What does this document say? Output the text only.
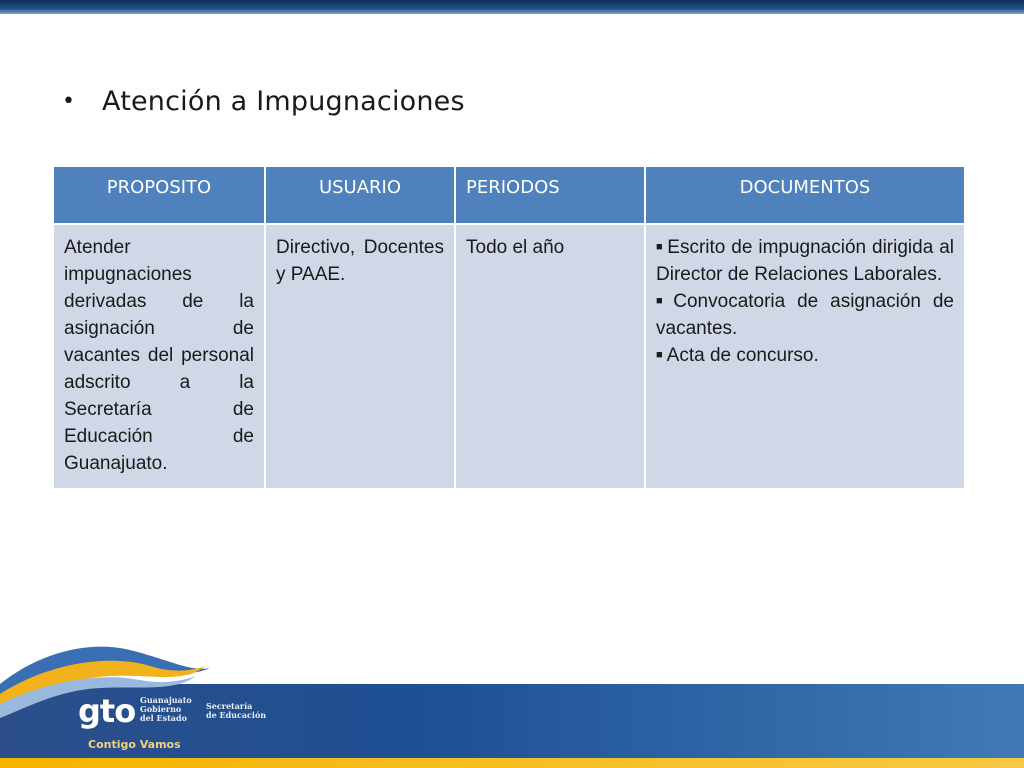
•	Atención a Impugnaciones
PROPOSITO	USUARIO	PERIODOS	DOCUMENTOS
Atender impugnaciones derivadas de la asignación de vacantes del personal adscrito a la Secretaría de Educación de Guanajuato.	Directivo, Docentes y PAAE.	Todo el año	■ Escrito de impugnación dirigida al Director de Relaciones Laborales.

■ Convocatoria de asignación de vacantes.

■ Acta de concurso.

gto Guanajuato
Gobierno
del Estado
Secretaría
de Educación
Contigo Vamos
